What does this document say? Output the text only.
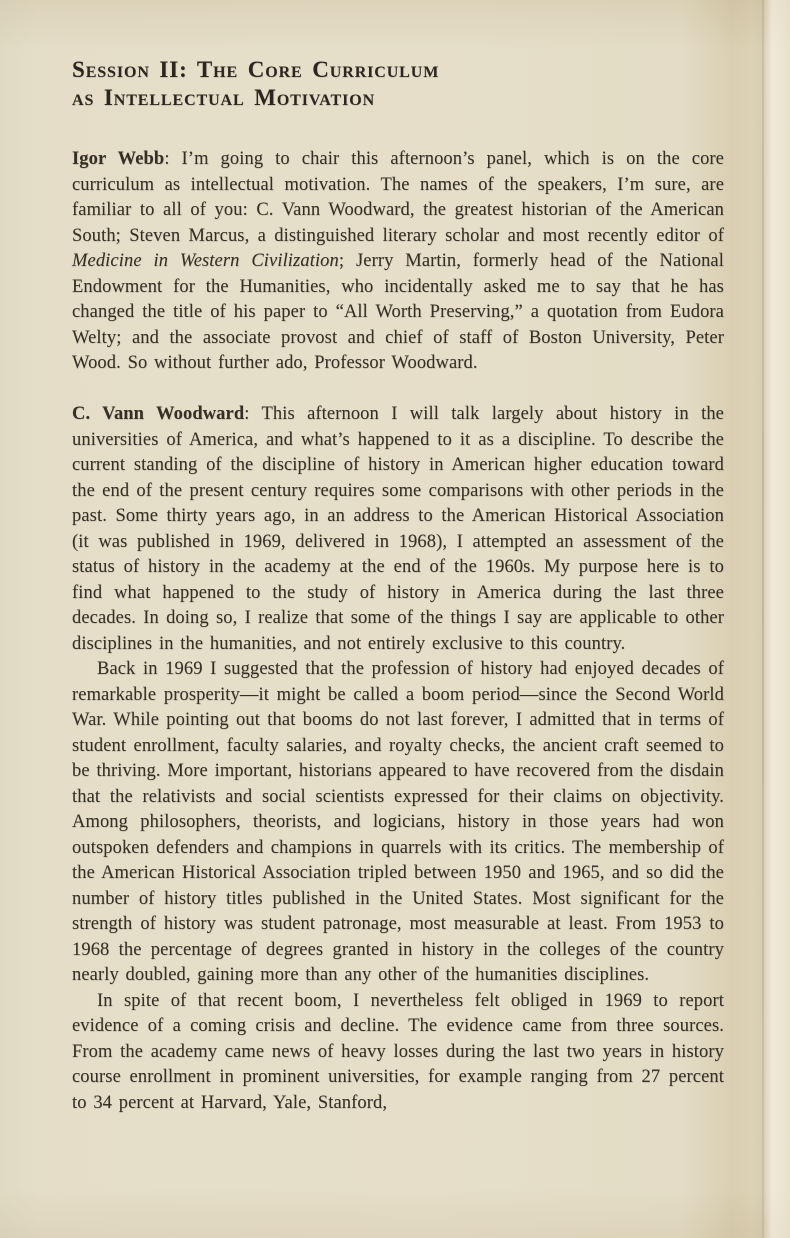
Session II: The Core Curriculum
as Intellectual Motivation

Igor Webb: I’m going to chair this afternoon’s panel, which is on the core curriculum as intellectual motivation. The names of the speakers, I’m sure, are familiar to all of you: C. Vann Woodward, the greatest historian of the American South; Steven Marcus, a distinguished literary scholar and most recently editor of Medicine in Western Civilization; Jerry Martin, formerly head of the National Endowment for the Humanities, who incidentally asked me to say that he has changed the title of his paper to “All Worth Preserving,” a quotation from Eudora Welty; and the associate provost and chief of staff of Boston University, Peter Wood. So without further ado, Professor Woodward.

C. Vann Woodward: This afternoon I will talk largely about history in the universities of America, and what’s happened to it as a discipline. To describe the current standing of the discipline of history in American higher education toward the end of the present century requires some comparisons with other periods in the past. Some thirty years ago, in an address to the American Historical Association (it was published in 1969, delivered in 1968), I attempted an assessment of the status of history in the academy at the end of the 1960s. My purpose here is to find what happened to the study of history in America during the last three decades. In doing so, I realize that some of the things I say are applicable to other disciplines in the humanities, and not entirely exclusive to this country.

Back in 1969 I suggested that the profession of history had enjoyed decades of remarkable prosperity—it might be called a boom period—since the Second World War. While pointing out that booms do not last forever, I admitted that in terms of student enrollment, faculty salaries, and royalty checks, the ancient craft seemed to be thriving. More important, historians appeared to have recovered from the disdain that the relativists and social scientists expressed for their claims on objectivity. Among philosophers, theorists, and logicians, history in those years had won outspoken defenders and champions in quarrels with its critics. The membership of the American Historical Association tripled between 1950 and 1965, and so did the number of history titles published in the United States. Most significant for the strength of history was student patronage, most measurable at least. From 1953 to 1968 the percentage of degrees granted in history in the colleges of the country nearly doubled, gaining more than any other of the humanities disciplines.

In spite of that recent boom, I nevertheless felt obliged in 1969 to report evidence of a coming crisis and decline. The evidence came from three sources. From the academy came news of heavy losses during the last two years in history course enrollment in prominent universities, for example ranging from 27 percent to 34 percent at Harvard, Yale, Stanford,
